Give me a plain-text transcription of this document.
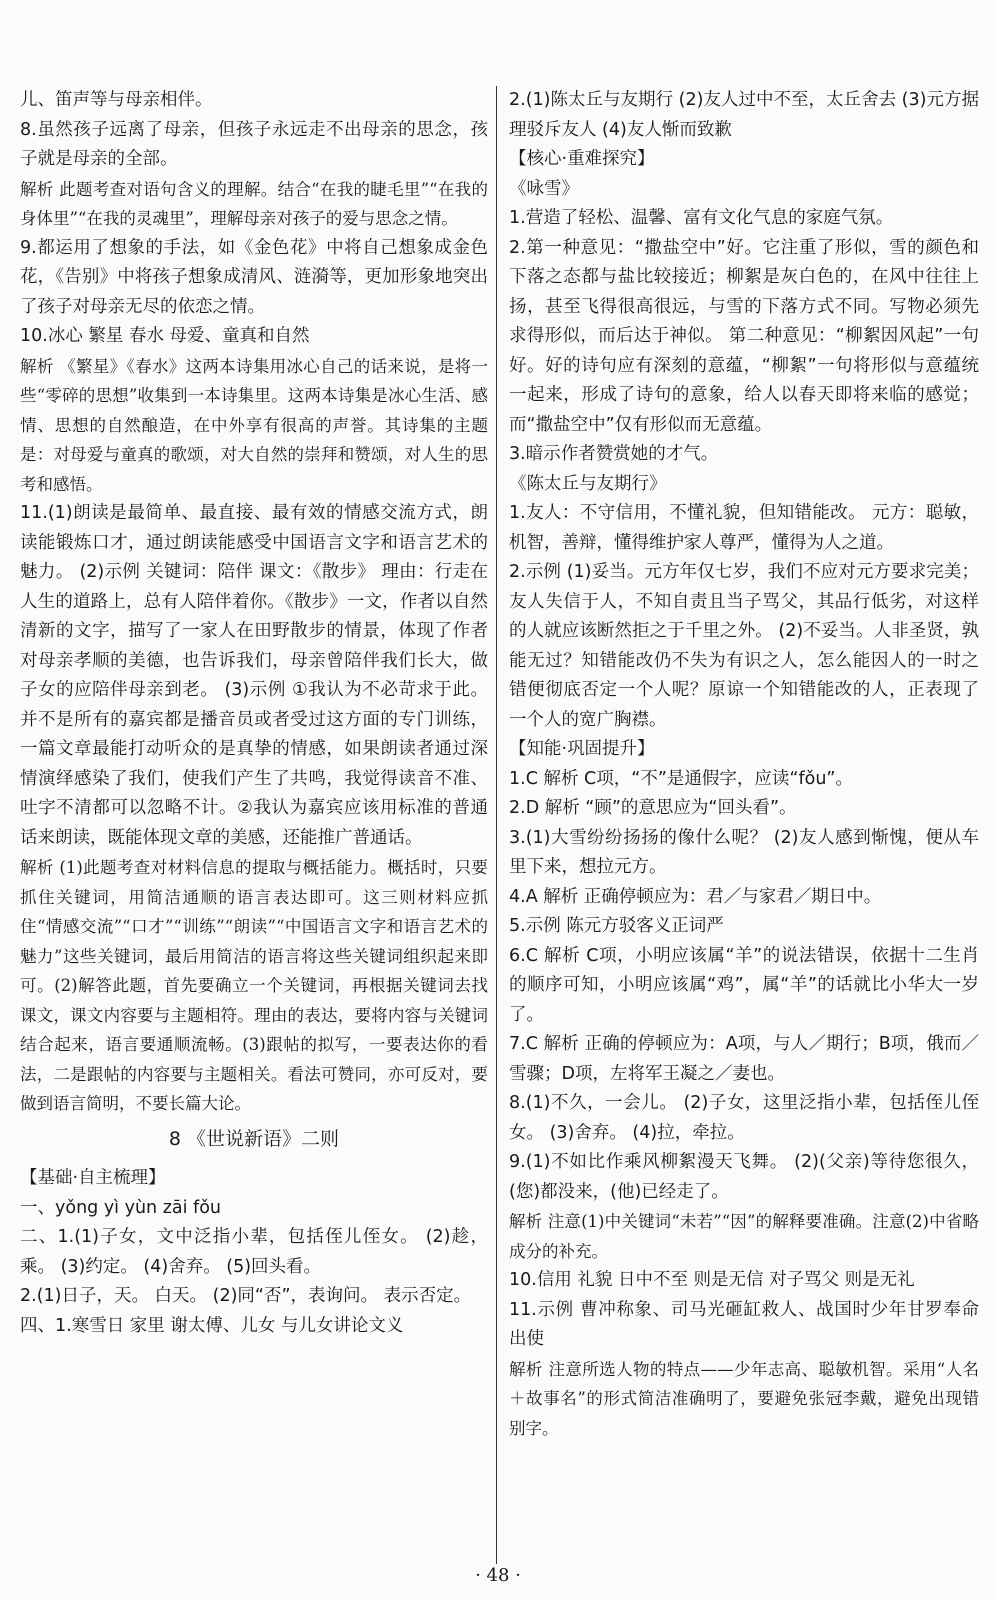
儿、笛声等与母亲相伴。
8.虽然孩子远离了母亲，但孩子永远走不出母亲的思念，孩子就是母亲的全部。
解析 此题考查对语句含义的理解。结合“在我的睫毛里”“在我的身体里”“在我的灵魂里”，理解母亲对孩子的爱与思念之情。
9.都运用了想象的手法，如《金色花》中将自己想象成金色花，《告别》中将孩子想象成清风、涟漪等，更加形象地突出了孩子对母亲无尽的依恋之情。
10.冰心 繁星 春水 母爱、童真和自然
解析 《繁星》《春水》这两本诗集用冰心自己的话来说，是将一些“零碎的思想”收集到一本诗集里。这两本诗集是冰心生活、感情、思想的自然酿造，在中外享有很高的声誉。其诗集的主题是：对母爱与童真的歌颂，对大自然的崇拜和赞颂，对人生的思考和感悟。
11.(1)朗读是最简单、最直接、最有效的情感交流方式，朗读能锻炼口才，通过朗读能感受中国语言文字和语言艺术的魅力。 (2)示例 关键词：陪伴 课文：《散步》 理由：行走在人生的道路上，总有人陪伴着你。《散步》一文，作者以自然清新的文字，描写了一家人在田野散步的情景，体现了作者对母亲孝顺的美德，也告诉我们，母亲曾陪伴我们长大，做子女的应陪伴母亲到老。 (3)示例 ①我认为不必苛求于此。并不是所有的嘉宾都是播音员或者受过这方面的专门训练，一篇文章最能打动听众的是真挚的情感，如果朗读者通过深情演绎感染了我们，使我们产生了共鸣，我觉得读音不准、吐字不清都可以忽略不计。②我认为嘉宾应该用标准的普通话来朗读，既能体现文章的美感，还能推广普通话。
解析 (1)此题考查对材料信息的提取与概括能力。概括时，只要抓住关键词，用简洁通顺的语言表达即可。这三则材料应抓住“情感交流”“口才”“训练”“朗读”“中国语言文字和语言艺术的魅力”这些关键词，最后用简洁的语言将这些关键词组织起来即可。(2)解答此题，首先要确立一个关键词，再根据关键词去找课文，课文内容要与主题相符。理由的表达，要将内容与关键词结合起来，语言要通顺流畅。(3)跟帖的拟写，一要表达你的看法，二是跟帖的内容要与主题相关。看法可赞同，亦可反对，要做到语言简明，不要长篇大论。
8 《世说新语》二则
【基础·自主梳理】
一、yǒng yì yùn zāi fǒu
二、1.(1)子女，文中泛指小辈，包括侄儿侄女。 (2)趁，乘。 (3)约定。 (4)舍弃。 (5)回头看。
2.(1)日子，天。 白天。 (2)同“否”，表询问。 表示否定。
四、1.寒雪日 家里 谢太傅、儿女 与儿女讲论文义
2.(1)陈太丘与友期行 (2)友人过中不至，太丘舍去 (3)元方据理驳斥友人 (4)友人惭而致歉
【核心·重难探究】
《咏雪》
1.营造了轻松、温馨、富有文化气息的家庭气氛。
2.第一种意见：“撒盐空中”好。它注重了形似，雪的颜色和下落之态都与盐比较接近；柳絮是灰白色的，在风中往往上扬，甚至飞得很高很远，与雪的下落方式不同。写物必须先求得形似，而后达于神似。 第二种意见：“柳絮因风起”一句好。好的诗句应有深刻的意蕴，“柳絮”一句将形似与意蕴统一起来，形成了诗句的意象，给人以春天即将来临的感觉；而“撒盐空中”仅有形似而无意蕴。
3.暗示作者赞赏她的才气。
《陈太丘与友期行》
1.友人：不守信用，不懂礼貌，但知错能改。 元方：聪敏，机智，善辩，懂得维护家人尊严，懂得为人之道。
2.示例 (1)妥当。元方年仅七岁，我们不应对元方要求完美；友人失信于人，不知自责且当子骂父，其品行低劣，对这样的人就应该断然拒之于千里之外。 (2)不妥当。人非圣贤，孰能无过？知错能改仍不失为有识之人，怎么能因人的一时之错便彻底否定一个人呢？原谅一个知错能改的人，正表现了一个人的宽广胸襟。
【知能·巩固提升】
1.C 解析 C项，“不”是通假字，应读“fǒu”。
2.D 解析 “顾”的意思应为“回头看”。
3.(1)大雪纷纷扬扬的像什么呢？ (2)友人感到惭愧，便从车里下来，想拉元方。
4.A 解析 正确停顿应为：君／与家君／期日中。
5.示例 陈元方驳客义正词严
6.C 解析 C项，小明应该属“羊”的说法错误，依据十二生肖的顺序可知，小明应该属“鸡”，属“羊”的话就比小华大一岁了。
7.C 解析 正确的停顿应为：A项，与人／期行；B项，俄而／雪骤；D项，左将军王凝之／妻也。
8.(1)不久，一会儿。 (2)子女，这里泛指小辈，包括侄儿侄女。 (3)舍弃。 (4)拉，牵拉。
9.(1)不如比作乘风柳絮漫天飞舞。 (2)(父亲)等待您很久，(您)都没来，(他)已经走了。
解析 注意(1)中关键词“未若”“因”的解释要准确。注意(2)中省略成分的补充。
10.信用 礼貌 日中不至 则是无信 对子骂父 则是无礼
11.示例 曹冲称象、司马光砸缸救人、战国时少年甘罗奉命出使
解析 注意所选人物的特点——少年志高、聪敏机智。采用“人名＋故事名”的形式简洁准确明了，要避免张冠李戴，避免出现错别字。
· 48 ·
